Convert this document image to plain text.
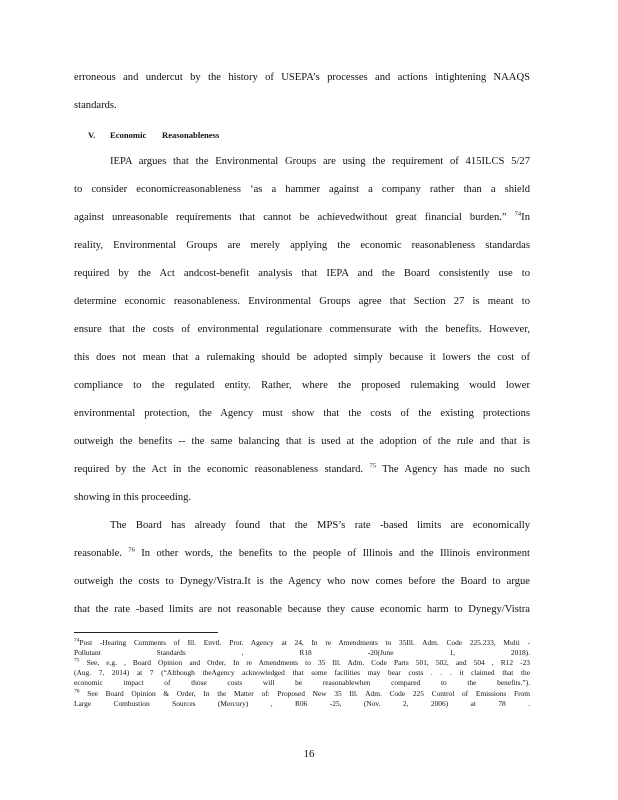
erroneous and undercut by the history of USEPA’s processes and actions intightening NAAQS
standards.
V. Economic Reasonableness
IEPA argues that the Environmental Groups are using the requirement of 415ILCS 5/27
to consider economicreasonableness ‘as a hammer against a company rather than a shield
against unreasonable requirements that cannot be achievedwithout great financial burden.” $^{74}$In
reality, Environmental Groups are merely applying the economic reasonableness standardas
required by the Act andcost-benefit analysis that IEPA and the Board consistently use to
determine economic reasonableness. Environmental Groups agree that Section 27 is meant to
ensure that the costs of environmental regulationare commensurate with the benefits. However,
this does not mean that a rulemaking should be adopted simply because it lowers the cost of
compliance to the regulated entity. Rather, where the proposed rulemaking would lower
environmental protection, the Agency must show that the costs of the existing protections
outweigh the benefits -- the same balancing that is used at the adoption of the rule and that is
required by the Act in the economic reasonableness standard. $^{75}$ The Agency has made no such
showing in this proceeding.
The Board has already found that the MPS’s rate -based limits are economically
reasonable. $^{76}$ In other words, the benefits to the people of Illinois and the Illinois environment
outweigh the costs to Dynegy/Vistra.It is the Agency who now comes before the Board to argue
that the rate -based limits are not reasonable because they cause economic harm to Dynegy/Vistra
$^{74}$Post -Hearing Comments of Ill. Envtl. Prot. Agency at 24, In re Amendments to 35Ill. Adm. Code 225.233, Multi -
Pollutant Standards , R18 -20(June 1, 2018).
$^{75}$ See, e.g. , Board Opinion and Order, In re Amendments to 35 Ill. Adm. Code Parts 501, 502, and 504 , R12 -23
(Aug. 7, 2014) at 7 (“Although theAgency acknowledged that some facilities may bear costs . . . it claimed that the
economic impact of those costs will be reasonablewhen compared to the benefits.”).
$^{76}$ See Board Opinion & Order, In the Matter of: Proposed New 35 Ill. Adm. Code 225 Control of Emissions From
Large Combustion Sources (Mercury) , R06 -25, (Nov. 2, 2006) at 78 .
16
